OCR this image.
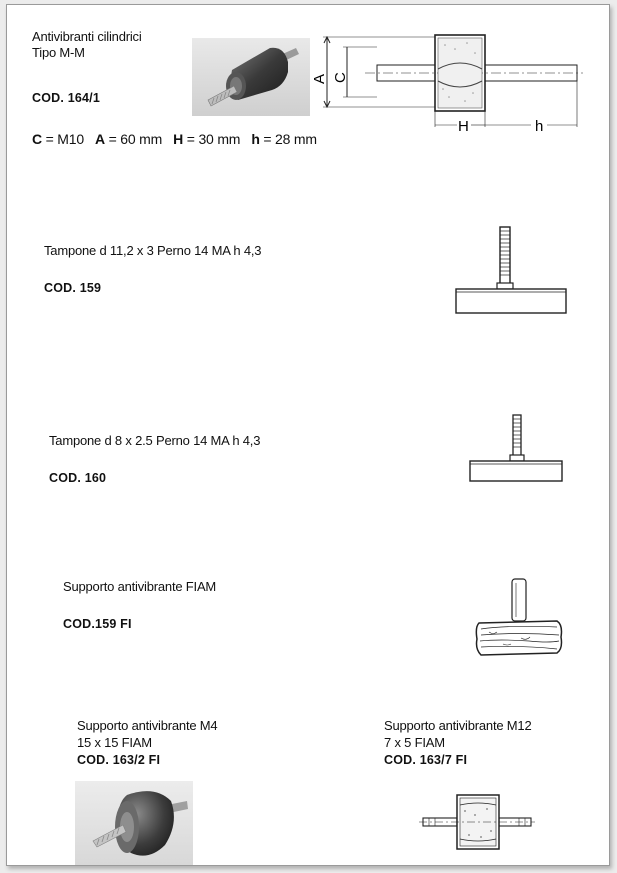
Antivibranti cilindrici
Tipo M-M
COD. 164/1
C = M10 A = 60 mm H = 30 mm h = 28 mm
A C
H	h
Tampone d 11,2 x 3 Perno 14 MA h 4,3
COD. 159
Tampone d 8 x 2.5 Perno 14 MA h 4,3
COD. 160
Supporto antivibrante FIAM
COD.159 FI
Supporto antivibrante M4
15 x 15 FIAM
COD. 163/2 FI
Supporto antivibrante M12
7 x 5 FIAM
COD. 163/7 FI
